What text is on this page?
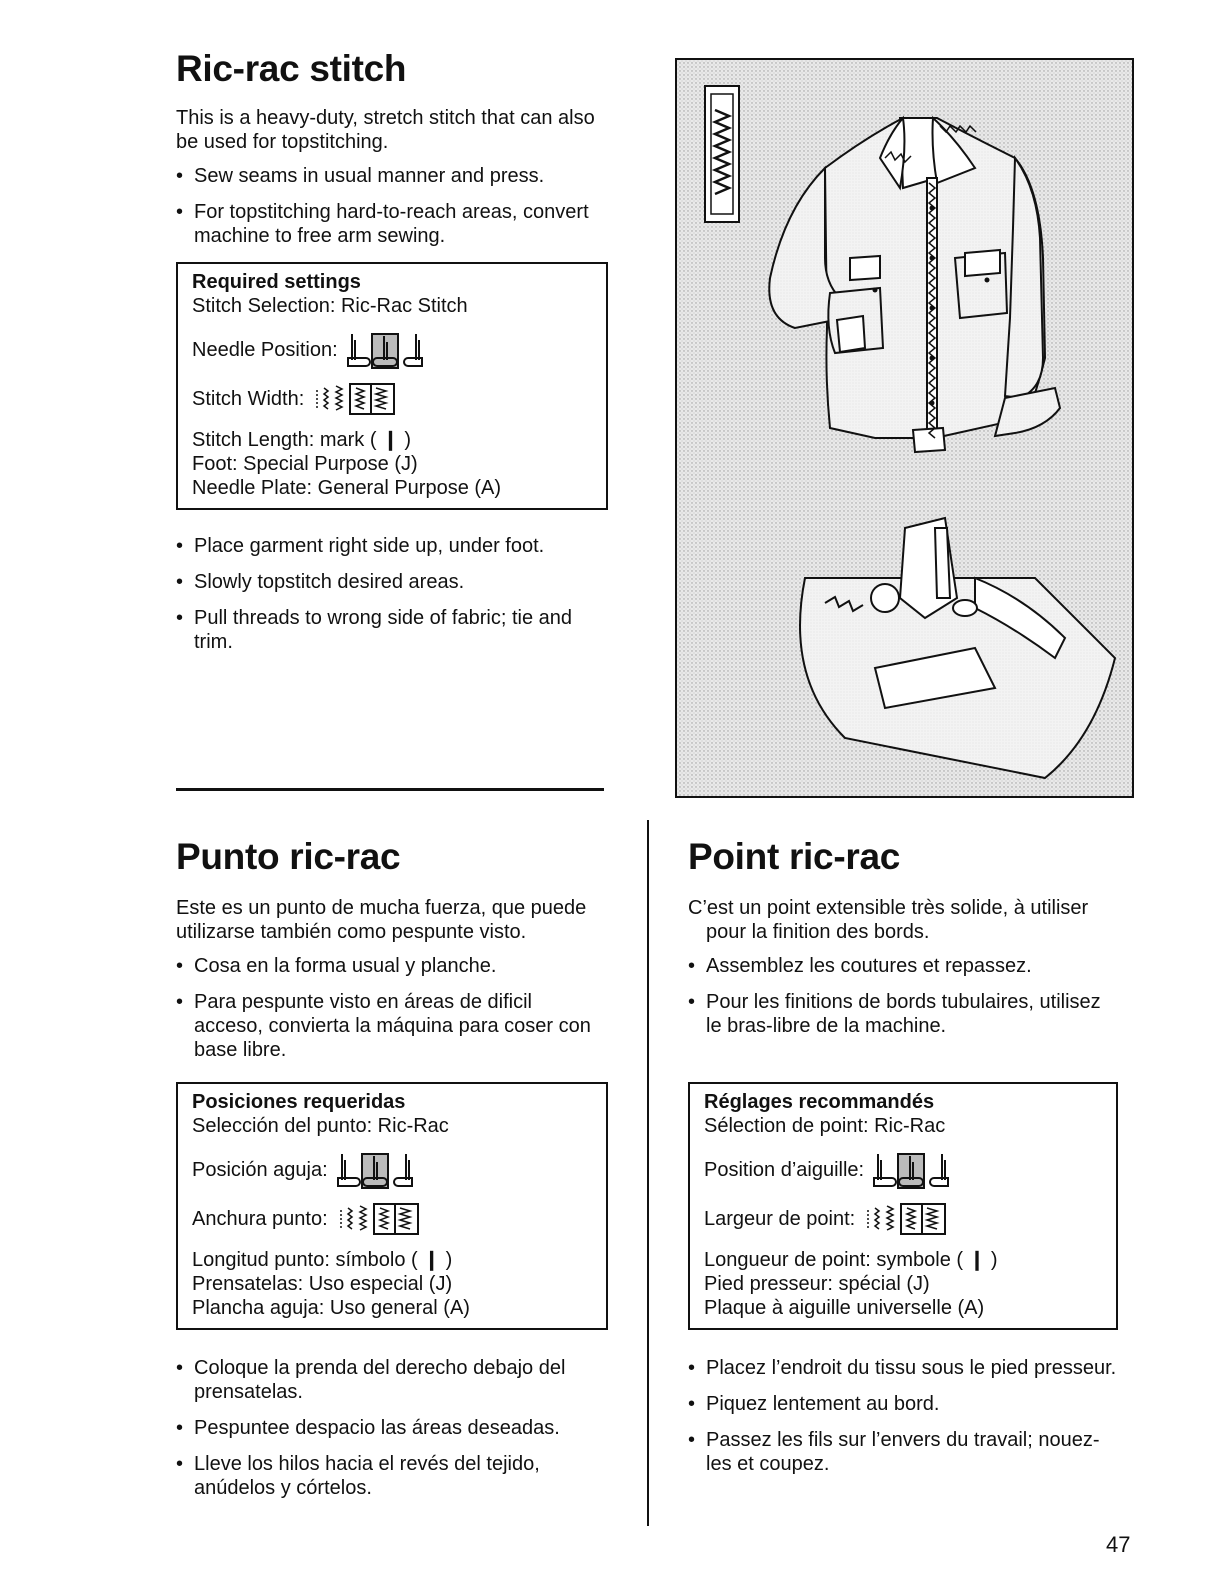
Ric-rac stitch

This is a heavy-duty, stretch stitch that can also be used for topstitching.

• Sew seams in usual manner and press.
• For topstitching hard-to-reach areas, convert machine to free arm sewing.
Required settings
Stitch Selection: Ric-Rac Stitch
Needle Position:
Stitch Width:
Stitch Length: mark ( ❙ )
Foot: Special Purpose (J)
Needle Plate: General Purpose (A)
• Place garment right side up, under foot.
• Slowly topstitch desired areas.
• Pull threads to wrong side of fabric; tie and trim.
Punto ric-rac

Este es un punto de mucha fuerza, que puede utilizarse también como pespunte visto.

• Cosa en la forma usual y planche.
• Para pespunte visto en áreas de dificil acceso, convierta la máquina para coser con base libre.
Posiciones requeridas
Selección del punto: Ric-Rac
Posición aguja:
Anchura punto:
Longitud punto: símbolo ( ❙ )
Prensatelas: Uso especial (J)
Plancha aguja: Uso general (A)
• Coloque la prenda del derecho debajo del prensatelas.
• Pespuntee despacio las áreas deseadas.
• Lleve los hilos hacia el revés del tejido, anúdelos y córtelos.
Point ric-rac

C’est un point extensible très solide, à utiliser pour la finition des bords.

• Assemblez les coutures et repassez.
• Pour les finitions de bords tubulaires, utilisez le bras-libre de la machine.
Réglages recommandés
Sélection de point: Ric-Rac
Position d’aiguille:
Largeur de point:
Longueur de point: symbole ( ❙ )
Pied presseur: spécial (J)
Plaque à aiguille universelle (A)
• Placez l’endroit du tissu sous le pied presseur.
• Piquez lentement au bord.
• Passez les fils sur l’envers du travail; nouez-les et coupez.
47
